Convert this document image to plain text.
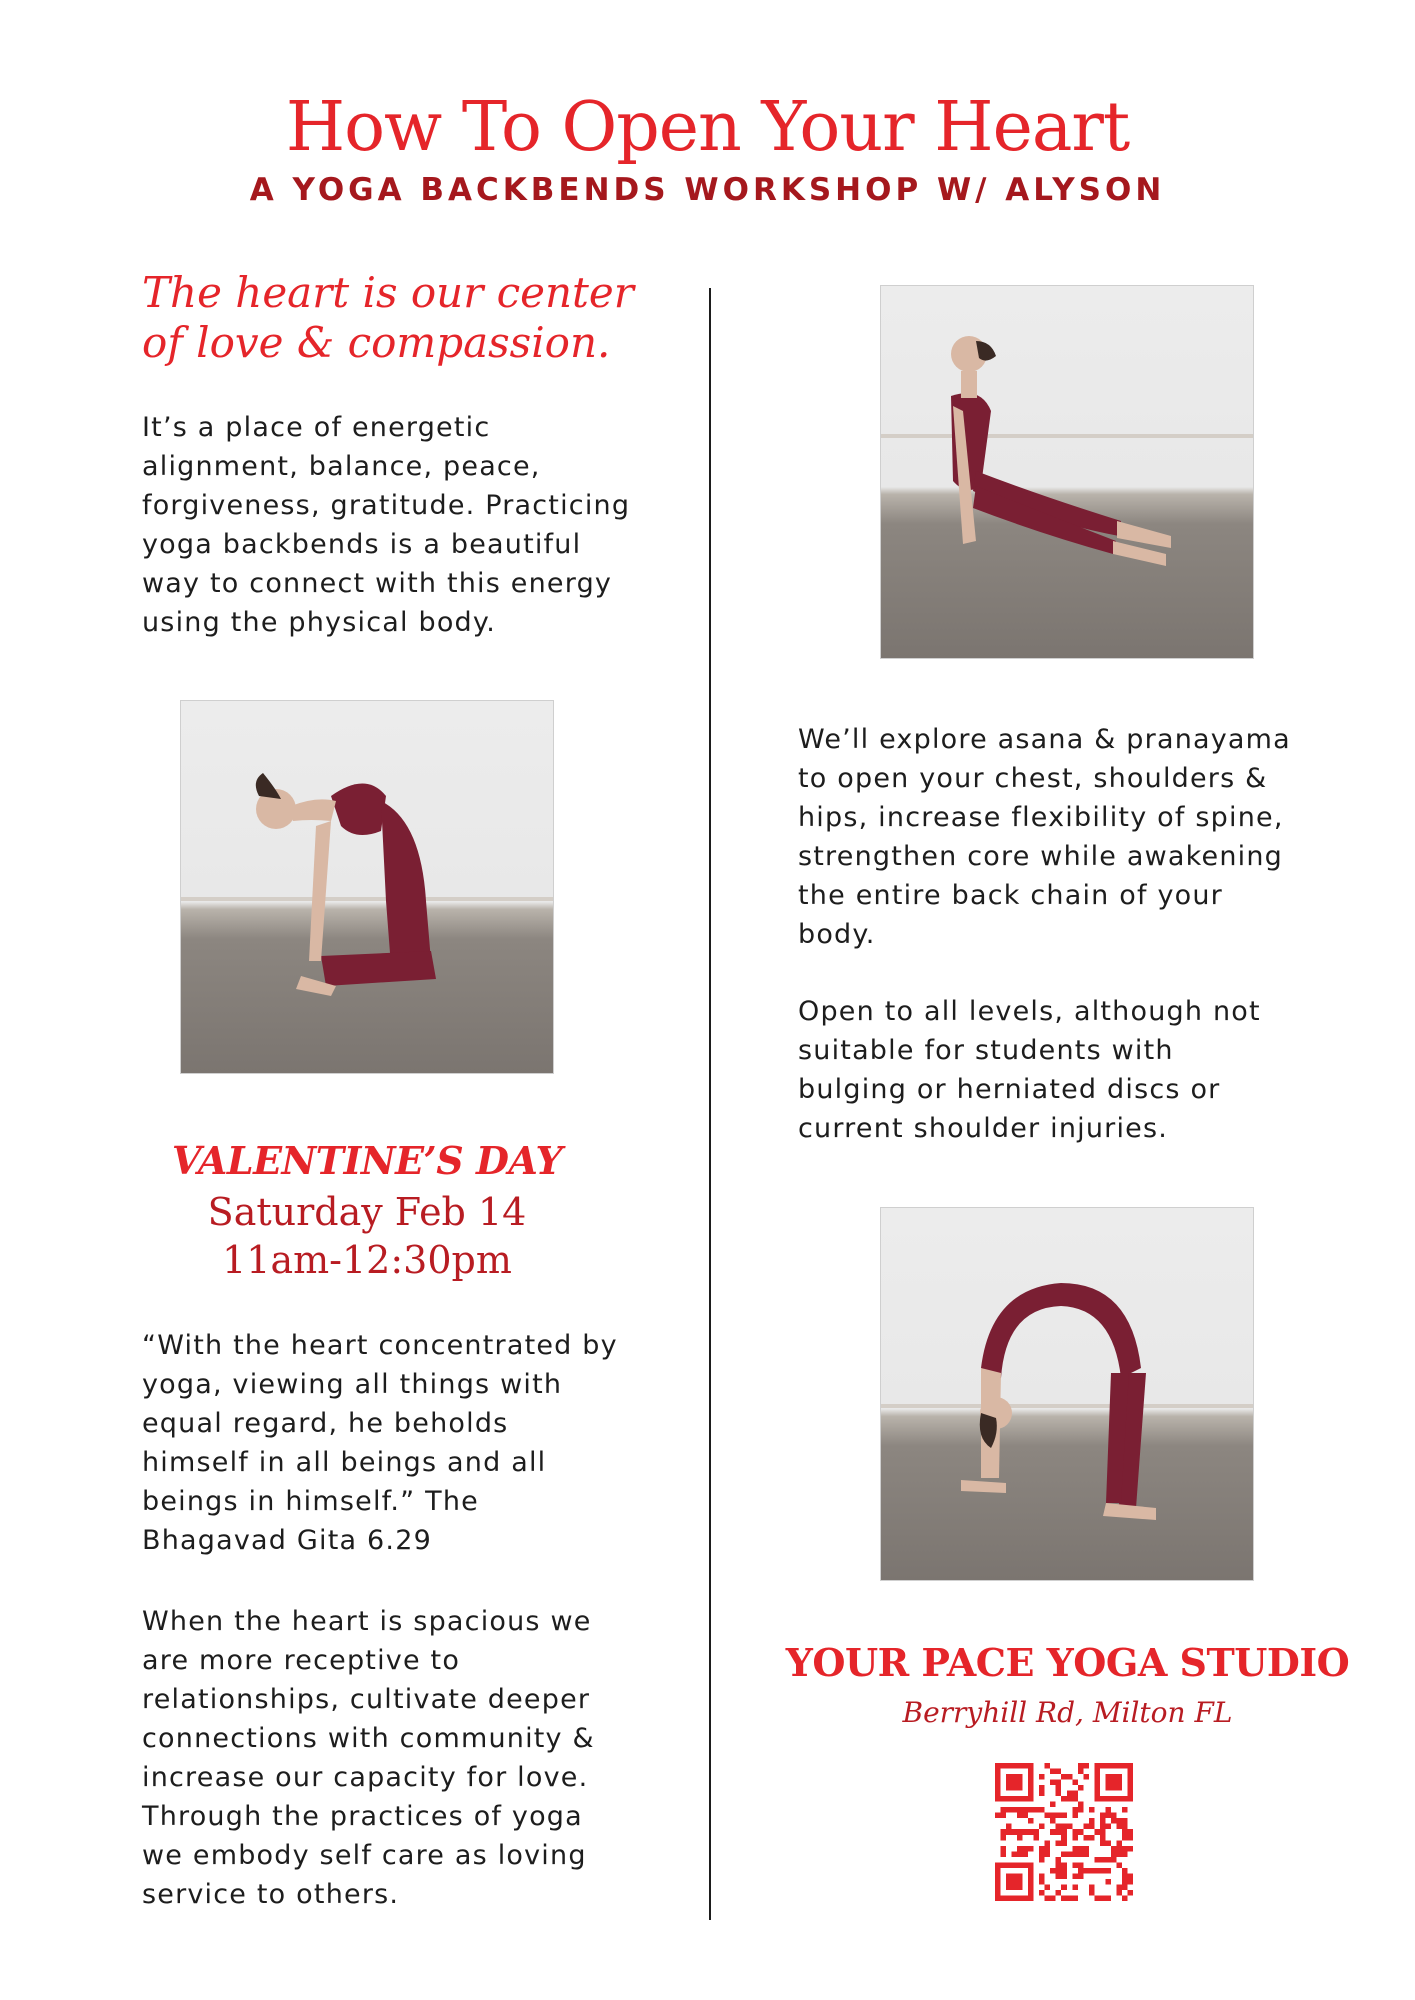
How To Open Your Heart
A YOGA BACKBENDS WORKSHOP W/ ALYSON
The heart is our center of love & compassion.
It’s a place of energetic
alignment, balance, peace,
forgiveness, gratitude. Practicing
yoga backbends is a beautiful
way to connect with this energy
using the physical body.
VALENTINE’S DAY
Saturday Feb 14
11am-12:30pm
“With the heart concentrated by
yoga, viewing all things with
equal regard, he beholds
himself in all beings and all
beings in himself.” The
Bhagavad Gita 6.29
When the heart is spacious we
are more receptive to
relationships, cultivate deeper
connections with community &
increase our capacity for love.
Through the practices of yoga
we embody self care as loving
service to others.
We’ll explore asana & pranayama
to open your chest, shoulders &
hips, increase flexibility of spine,
strengthen core while awakening
the entire back chain of your
body.
Open to all levels, although not
suitable for students with
bulging or herniated discs or
current shoulder injuries.
YOUR PACE YOGA STUDIO
Berryhill Rd, Milton FL
